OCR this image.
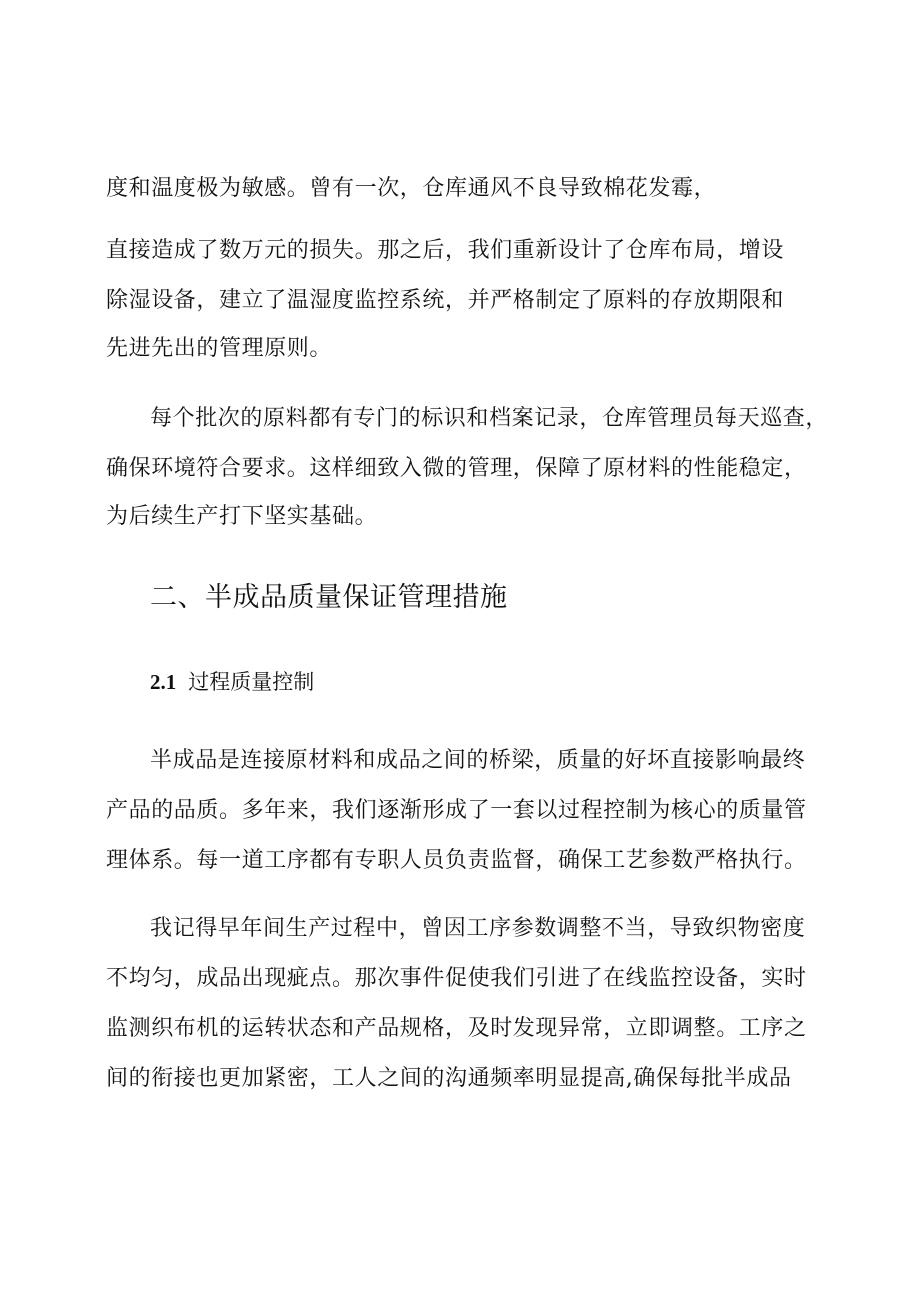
度和温度极为敏感。曾有一次，仓库通风不良导致棉花发霉，
直接造成了数万元的损失。那之后，我们重新设计了仓库布局，增设
除湿设备，建立了温湿度监控系统，并严格制定了原料的存放期限和
先进先出的管理原则。
每个批次的原料都有专门的标识和档案记录，仓库管理员每天巡查，
确保环境符合要求。这样细致入微的管理，保障了原材料的性能稳定，
为后续生产打下坚实基础。
二、半成品质量保证管理措施
2.1 过程质量控制
半成品是连接原材料和成品之间的桥梁，质量的好坏直接影响最终
产品的品质。多年来，我们逐渐形成了一套以过程控制为核心的质量管
理体系。每一道工序都有专职人员负责监督，确保工艺参数严格执行。
我记得早年间生产过程中，曾因工序参数调整不当，导致织物密度
不均匀，成品出现疵点。那次事件促使我们引进了在线监控设备，实时
监测织布机的运转状态和产品规格，及时发现异常，立即调整。工序之
间的衔接也更加紧密，工人之间的沟通频率明显提高,确保每批半成品
